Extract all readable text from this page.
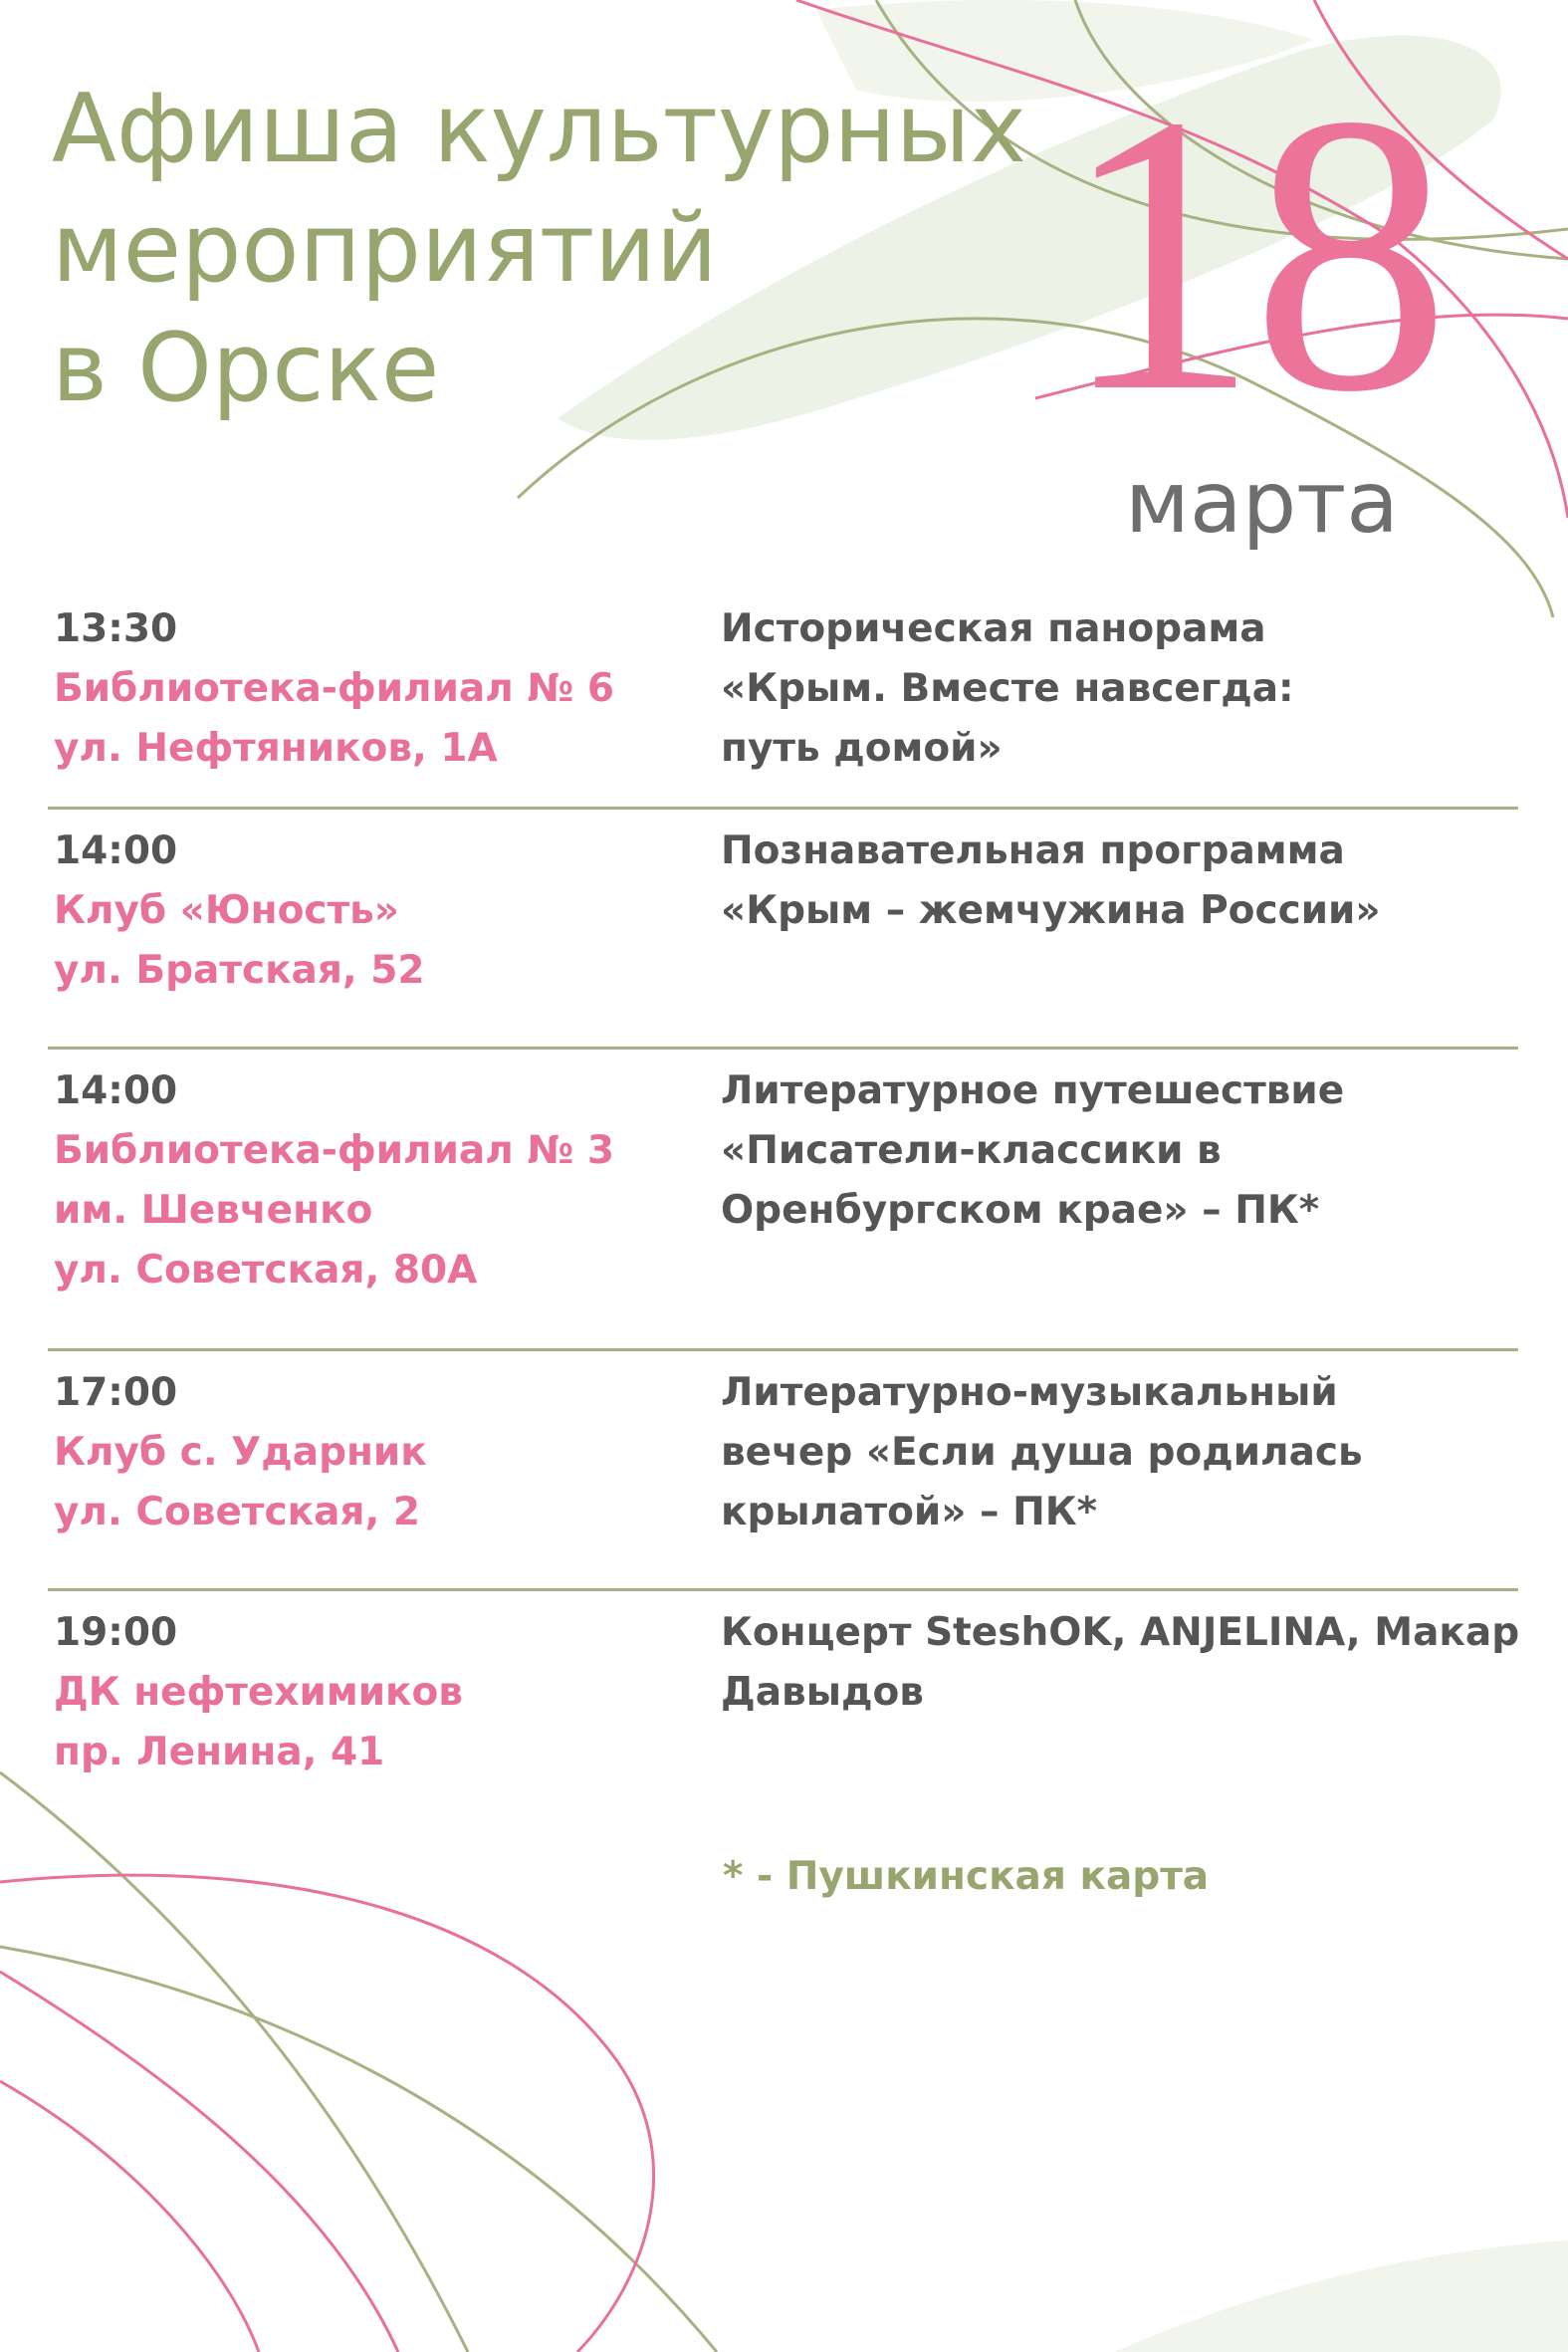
Афиша культурных
мероприятий
в Орске	18
марта
13:30
Библиотека-филиал № 6
ул. Нефтяников, 1А
Историческая панорама
«Крым. Вместе навсегда:
путь домой»
14:00
Клуб «Юность»
ул. Братская, 52
Познавательная программа
«Крым – жемчужина России»
14:00
Библиотека-филиал № 3
им. Шевченко
ул. Советская, 80А
Литературное путешествие
«Писатели-классики в
Оренбургском крае» – ПК*
17:00
Клуб с. Ударник
ул. Советская, 2
Литературно-музыкальный
вечер «Если душа родилась
крылатой» – ПК*
19:00
ДК нефтехимиков
пр. Ленина, 41
Концерт SteshOK, ANJELINA, Макар
Давыдов
* - Пушкинская карта
